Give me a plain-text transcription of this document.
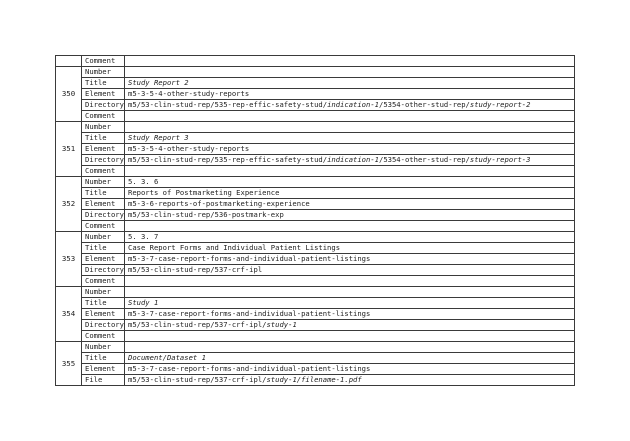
	Comment	
350	Number	
	Title	Study Report 2
	Element	m5-3-5-4-other-study-reports
	Directory	m5/53-clin-stud-rep/535-rep-effic-safety-stud/indication-1/5354-other-stud-rep/study-report-2
	Comment	
351	Number	
	Title	Study Report 3
	Element	m5-3-5-4-other-study-reports
	Directory	m5/53-clin-stud-rep/535-rep-effic-safety-stud/indication-1/5354-other-stud-rep/study-report-3
	Comment	
352	Number	5. 3. 6
	Title	Reports of Postmarketing Experience
	Element	m5-3-6-reports-of-postmarketing-experience
	Directory	m5/53-clin-stud-rep/536-postmark-exp
	Comment	
353	Number	5. 3. 7
	Title	Case Report Forms and Individual Patient Listings
	Element	m5-3-7-case-report-forms-and-individual-patient-listings
	Directory	m5/53-clin-stud-rep/537-crf-ipl
	Comment	
354	Number	
	Title	Study 1
	Element	m5-3-7-case-report-forms-and-individual-patient-listings
	Directory	m5/53-clin-stud-rep/537-crf-ipl/study-1
	Comment	
355	Number	
	Title	Document/Dataset 1
	Element	m5-3-7-case-report-forms-and-individual-patient-listings
	File	m5/53-clin-stud-rep/537-crf-ipl/study-1/filename-1.pdf
